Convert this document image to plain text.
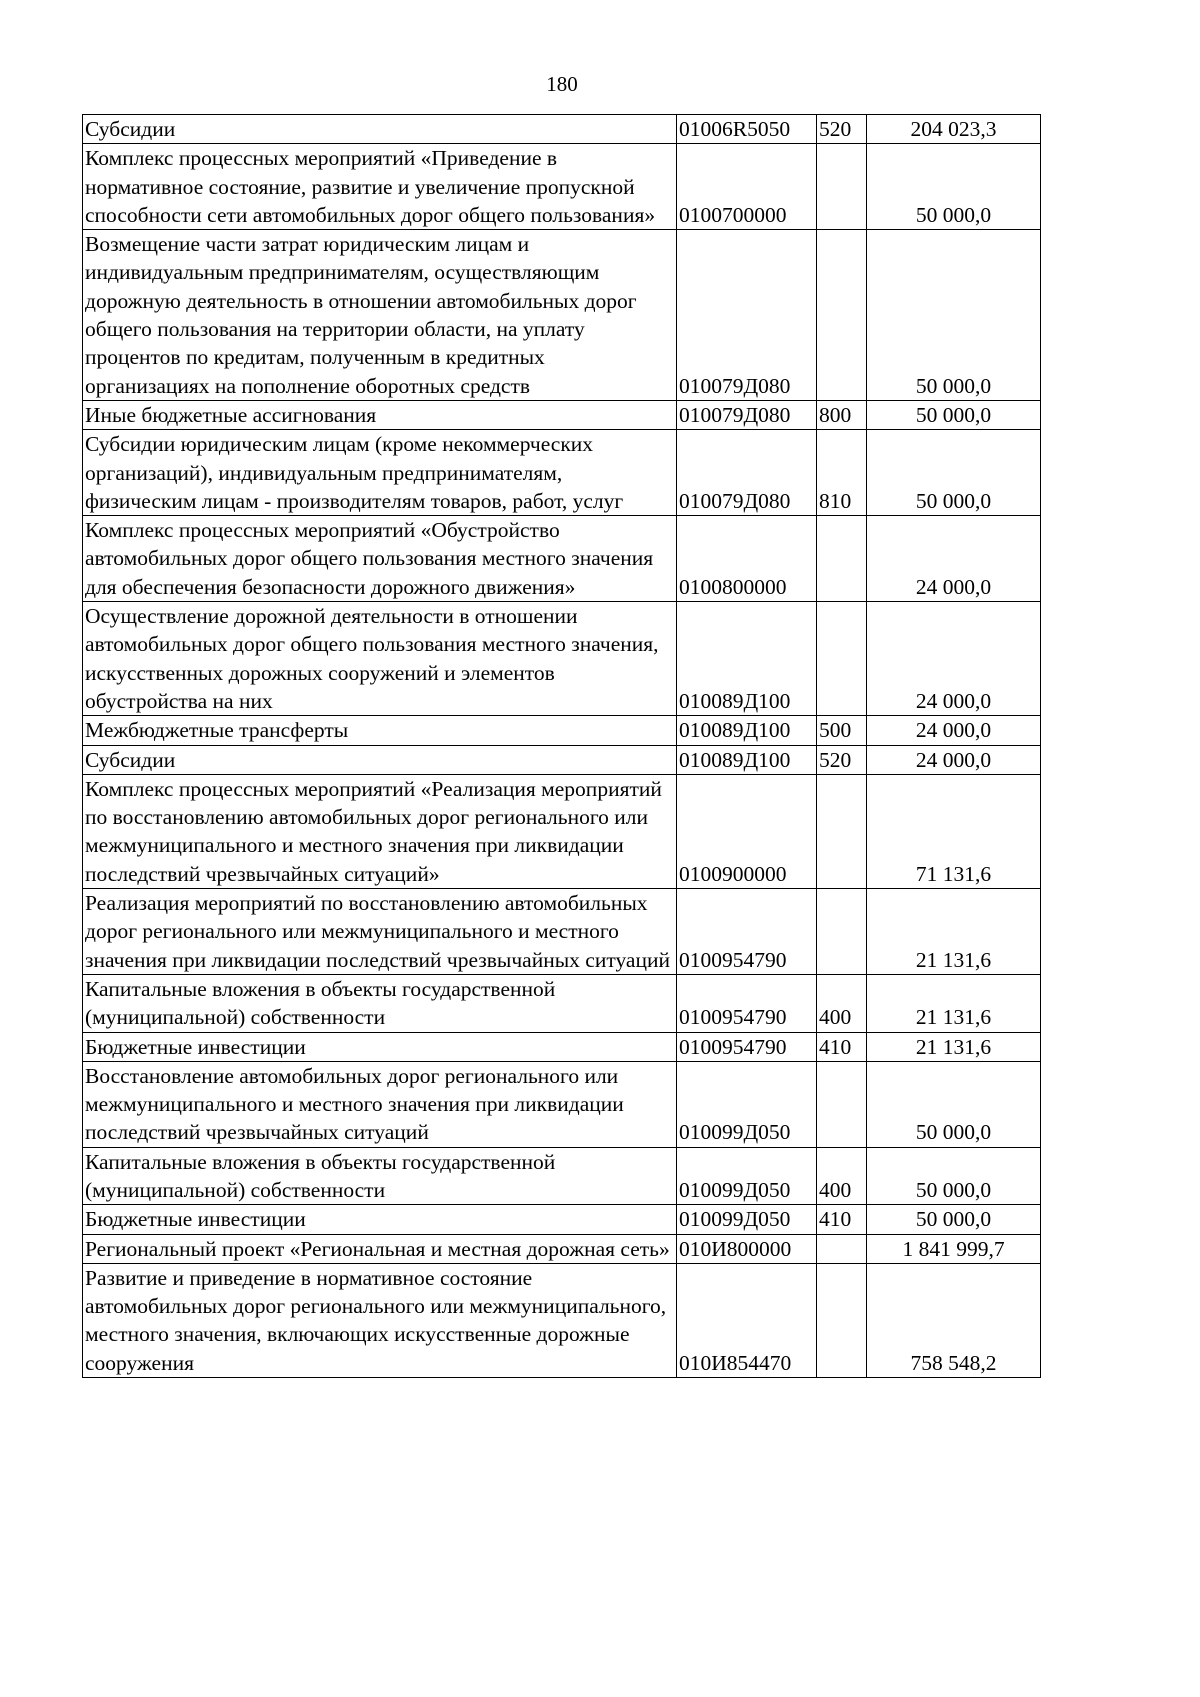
180
Субсидии	01006R5050	520	204 023,3
Комплекс процессных мероприятий «Приведение в нормативное состояние, развитие и увеличение пропускной способности сети автомобильных дорог общего пользования»	0100700000		50 000,0
Возмещение части затрат юридическим лицам и индивидуальным предпринимателям, осуществляющим дорожную деятельность в отношении автомобильных дорог общего пользования на территории области, на уплату процентов по кредитам, полученным в кредитных организациях на пополнение оборотных средств	010079Д080		50 000,0
Иные бюджетные ассигнования	010079Д080	800	50 000,0
Субсидии юридическим лицам (кроме некоммерческих организаций), индивидуальным предпринимателям, физическим лицам - производителям товаров, работ, услуг	010079Д080	810	50 000,0
Комплекс процессных мероприятий «Обустройство автомобильных дорог общего пользования местного значения для обеспечения безопасности дорожного движения»	0100800000		24 000,0
Осуществление дорожной деятельности в отношении автомобильных дорог общего пользования местного значения, искусственных дорожных сооружений и элементов обустройства на них	010089Д100		24 000,0
Межбюджетные трансферты	010089Д100	500	24 000,0
Субсидии	010089Д100	520	24 000,0
Комплекс процессных мероприятий «Реализация мероприятий по восстановлению автомобильных дорог регионального или межмуниципального и местного значения при ликвидации последствий чрезвычайных ситуаций»	0100900000		71 131,6
Реализация мероприятий по восстановлению автомобильных дорог регионального или межмуниципального и местного значения при ликвидации последствий чрезвычайных ситуаций	0100954790		21 131,6
Капитальные вложения в объекты государственной (муниципальной) собственности	0100954790	400	21 131,6
Бюджетные инвестиции	0100954790	410	21 131,6
Восстановление автомобильных дорог регионального или межмуниципального и местного значения при ликвидации последствий чрезвычайных ситуаций	010099Д050		50 000,0
Капитальные вложения в объекты государственной (муниципальной) собственности	010099Д050	400	50 000,0
Бюджетные инвестиции	010099Д050	410	50 000,0
Региональный проект «Региональная и местная дорожная сеть»	010И800000		1 841 999,7
Развитие и приведение в нормативное состояние автомобильных дорог регионального или межмуниципального, местного значения, включающих искусственные дорожные сооружения	010И854470		758 548,2
